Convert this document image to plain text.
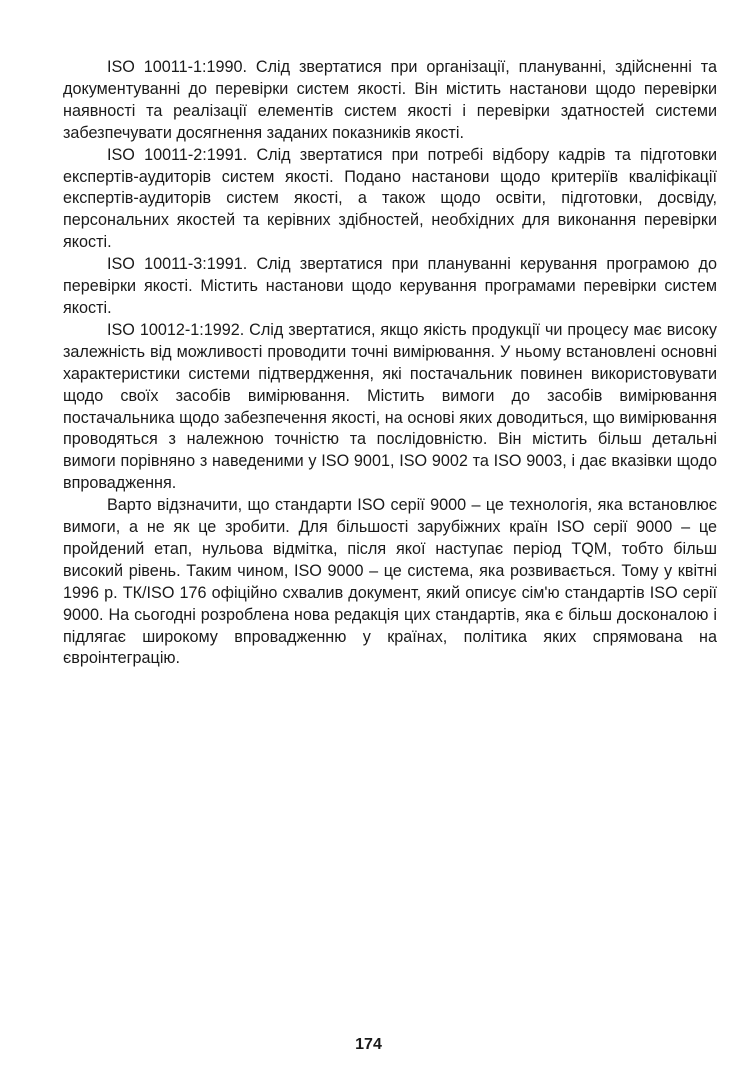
ISO 10011-1:1990. Слід звертатися при організації, плануванні, здійсненні та документуванні до перевірки систем якості. Він містить настанови щодо перевірки наявності та реалізації елементів систем якості і перевірки здатностей системи забезпечувати досягнення заданих показників якості.

ISO 10011-2:1991. Слід звертатися при потребі відбору кадрів та підготовки експертів-аудиторів систем якості. Подано настанови щодо критеріїв кваліфікації експертів-аудиторів систем якості, а також щодо освіти, підготовки, досвіду, персональних якостей та керівних здібностей, необхідних для виконання перевірки якості.

ISO 10011-3:1991. Слід звертатися при плануванні керування програмою до перевірки якості. Містить настанови щодо керування програмами перевірки систем якості.

ISO 10012-1:1992. Слід звертатися, якщо якість продукції чи процесу має високу залежність від можливості проводити точні вимірювання. У ньому встановлені основні характеристики системи підтвердження, які постачальник повинен використовувати щодо своїх засобів вимірювання. Містить вимоги до засобів вимірювання постачальника щодо забезпечення якості, на основі яких доводиться, що вимірювання проводяться з належною точністю та послідовністю. Він містить більш детальні вимоги порівняно з наведеними у ISO 9001, ISO 9002 та ISO 9003, і дає вказівки щодо впровадження.

Варто відзначити, що стандарти ISO серії 9000 – це технологія, яка встановлює вимоги, а не як це зробити. Для більшості зарубіжних країн ISO серії 9000 – це пройдений етап, нульова відмітка, після якої наступає період TQM, тобто більш високий рівень. Таким чином, ISO 9000 – це система, яка розвивається. Тому у квітні 1996 р. ТК/ISO 176 офіційно схвалив документ, який описує сім'ю стандартів ISO серії 9000. На сьогодні розроблена нова редакція цих стандартів, яка є більш досконалою і підлягає широкому впровадженню у країнах, політика яких спрямована на євроінтеграцію.

174
